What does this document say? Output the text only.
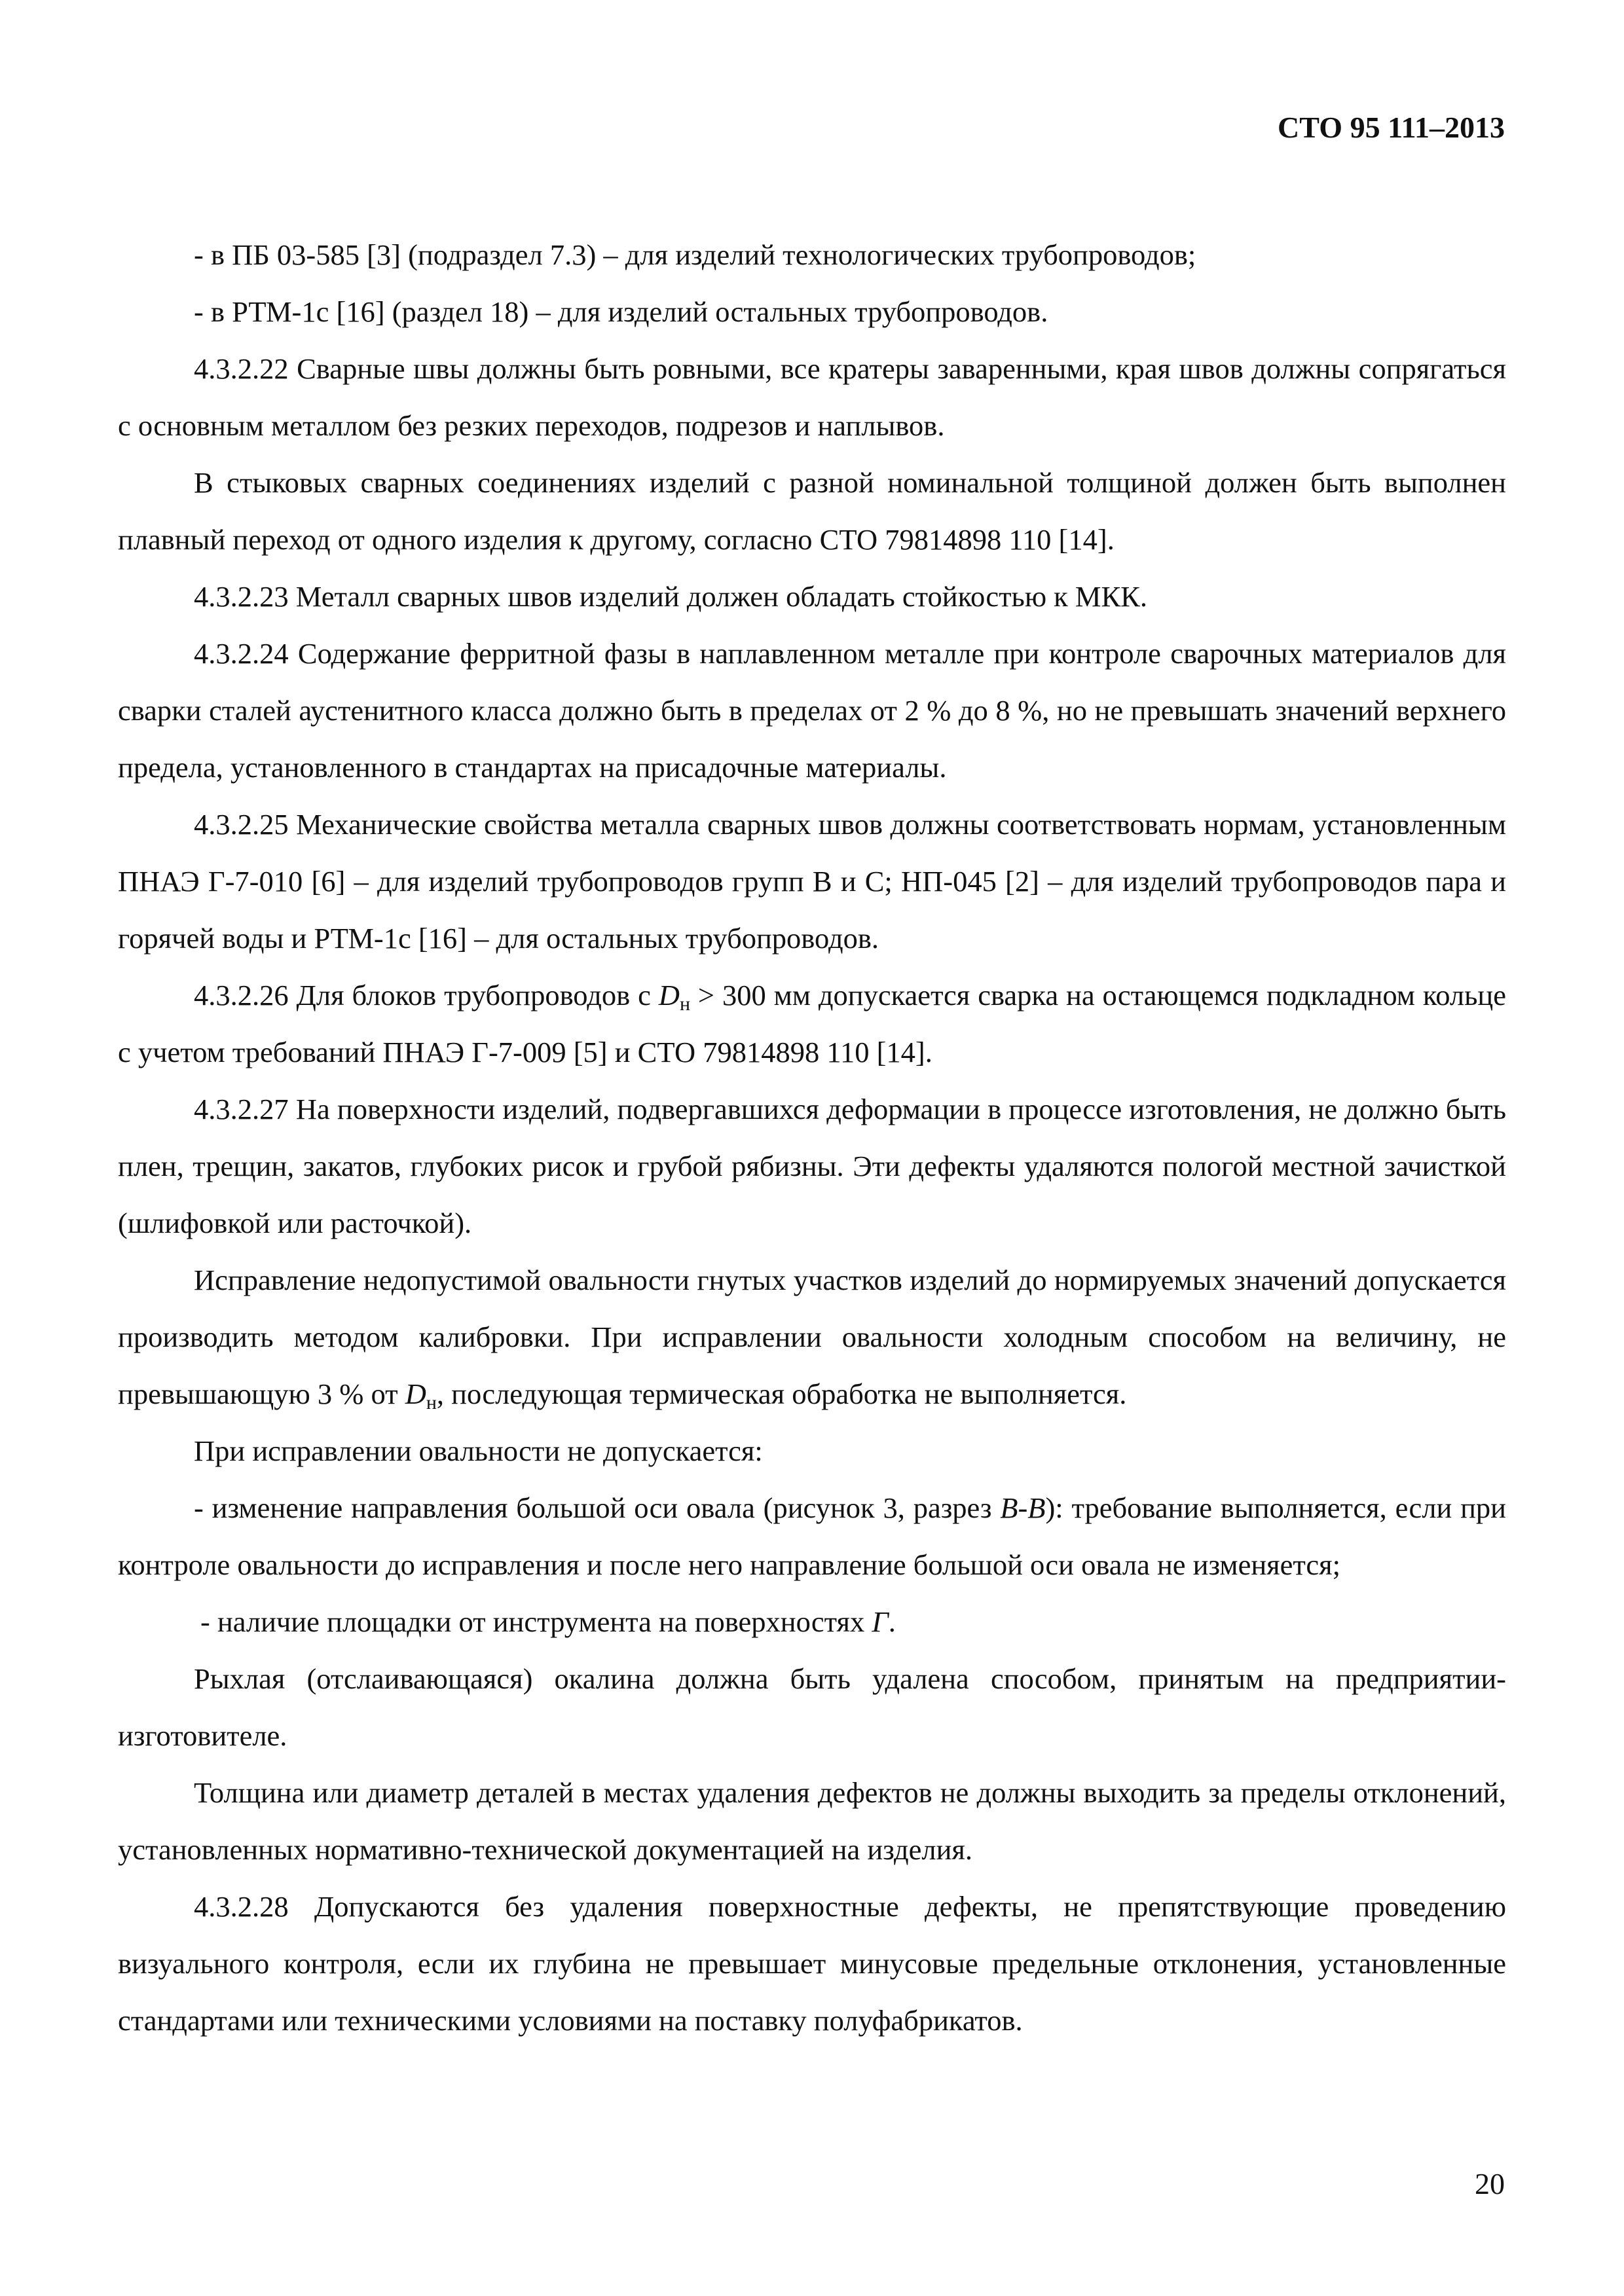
СТО 95 111–2013

- в ПБ 03-585 [3] (подраздел 7.3) – для изделий технологических трубопроводов;

- в РТМ-1с [16] (раздел 18) – для изделий остальных трубопроводов.

4.3.2.22 Сварные швы должны быть ровными, все кратеры заваренными, края швов должны сопрягаться с основным металлом без резких переходов, подрезов и наплывов.

В стыковых сварных соединениях изделий с разной номинальной толщиной должен быть выполнен плавный переход от одного изделия к другому, согласно СТО 79814898 110 [14].

4.3.2.23 Металл сварных швов изделий должен обладать стойкостью к МКК.

4.3.2.24 Содержание ферритной фазы в наплавленном металле при контроле сварочных материалов для сварки сталей аустенитного класса должно быть в пределах от 2 % до 8 %, но не превышать значений верхнего предела, установленного в стандартах на присадочные материалы.

4.3.2.25 Механические свойства металла сварных швов должны соответствовать нормам, установленным ПНАЭ Г-7-010 [6] – для изделий трубопроводов групп В и С; НП-045 [2] – для изделий трубопроводов пара и горячей воды и РТМ-1с [16] – для остальных трубопроводов.

4.3.2.26 Для блоков трубопроводов с $D_н > 300$ мм допускается сварка на остающемся подкладном кольце с учетом требований ПНАЭ Г-7-009 [5] и СТО 79814898 110 [14].

4.3.2.27 На поверхности изделий, подвергавшихся деформации в процессе изготовления, не должно быть плен, трещин, закатов, глубоких рисок и грубой рябизны. Эти дефекты удаляются пологой местной зачисткой (шлифовкой или расточкой).

Исправление недопустимой овальности гнутых участков изделий до нормируемых значений допускается производить методом калибровки. При исправлении овальности холодным способом на величину, не превышающую 3 % от $D_н$, последующая термическая обработка не выполняется.

При исправлении овальности не допускается:

- изменение направления большой оси овала (рисунок 3, разрез В-В): требование выполняется, если при контроле овальности до исправления и после него направление большой оси овала не изменяется;

- наличие площадки от инструмента на поверхностях Г.

Рыхлая (отслаивающаяся) окалина должна быть удалена способом, принятым на предприятии-изготовителе.

Толщина или диаметр деталей в местах удаления дефектов не должны выходить за пределы отклонений, установленных нормативно-технической документацией на изделия.

4.3.2.28 Допускаются без удаления поверхностные дефекты, не препятствующие проведению визуального контроля, если их глубина не превышает минусовые предельные отклонения, установленные стандартами или техническими условиями на поставку полуфабрикатов.

20
